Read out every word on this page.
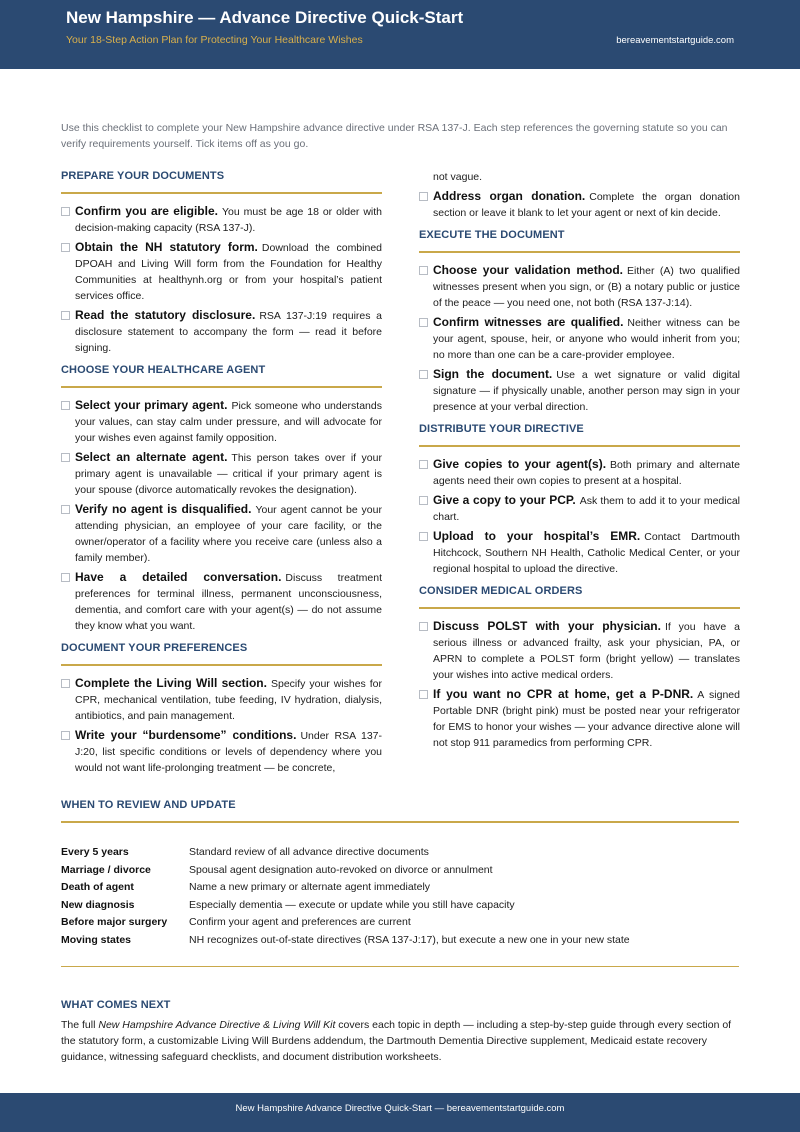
New Hampshire — Advance Directive Quick-Start
Your 18-Step Action Plan for Protecting Your Healthcare Wishes	bereavementstartguide.com
Use this checklist to complete your New Hampshire advance directive under RSA 137-J. Each step references the governing statute so you can verify requirements yourself. Tick items off as you go.
PREPARE YOUR DOCUMENTS
Confirm you are eligible. You must be age 18 or older with decision-making capacity (RSA 137-J).
Obtain the NH statutory form. Download the combined DPOAH and Living Will form from the Foundation for Healthy Communities at healthynh.org or from your hospital’s patient services office.
Read the statutory disclosure. RSA 137-J:19 requires a disclosure statement to accompany the form — read it before signing.
CHOOSE YOUR HEALTHCARE AGENT
Select your primary agent. Pick someone who understands your values, can stay calm under pressure, and will advocate for your wishes even against family opposition.
Select an alternate agent. This person takes over if your primary agent is unavailable — critical if your primary agent is your spouse (divorce automatically revokes the designation).
Verify no agent is disqualified. Your agent cannot be your attending physician, an employee of your care facility, or the owner/operator of a facility where you receive care (unless also a family member).
Have a detailed conversation. Discuss treatment preferences for terminal illness, permanent unconsciousness, dementia, and comfort care with your agent(s) — do not assume they know what you want.
DOCUMENT YOUR PREFERENCES
Complete the Living Will section. Specify your wishes for CPR, mechanical ventilation, tube feeding, IV hydration, dialysis, antibiotics, and pain management.
Write your “burdensome” conditions. Under RSA 137-J:20, list specific conditions or levels of dependency where you would not want life-prolonging treatment — be concrete,
not vague.
Address organ donation. Complete the organ donation section or leave it blank to let your agent or next of kin decide.
EXECUTE THE DOCUMENT
Choose your validation method. Either (A) two qualified witnesses present when you sign, or (B) a notary public or justice of the peace — you need one, not both (RSA 137-J:14).
Confirm witnesses are qualified. Neither witness can be your agent, spouse, heir, or anyone who would inherit from you; no more than one can be a care-provider employee.
Sign the document. Use a wet signature or valid digital signature — if physically unable, another person may sign in your presence at your verbal direction.
DISTRIBUTE YOUR DIRECTIVE
Give copies to your agent(s). Both primary and alternate agents need their own copies to present at a hospital.
Give a copy to your PCP. Ask them to add it to your medical chart.
Upload to your hospital’s EMR. Contact Dartmouth Hitchcock, Southern NH Health, Catholic Medical Center, or your regional hospital to upload the directive.
CONSIDER MEDICAL ORDERS
Discuss POLST with your physician. If you have a serious illness or advanced frailty, ask your physician, PA, or APRN to complete a POLST form (bright yellow) — translates your wishes into active medical orders.
If you want no CPR at home, get a P-DNR. A signed Portable DNR (bright pink) must be posted near your refrigerator for EMS to honor your wishes — your advance directive alone will not stop 911 paramedics from performing CPR.
WHEN TO REVIEW AND UPDATE
Every 5 years	Standard review of all advance directive documents
Marriage / divorce	Spousal agent designation auto-revoked on divorce or annulment
Death of agent	Name a new primary or alternate agent immediately
New diagnosis	Especially dementia — execute or update while you still have capacity
Before major surgery	Confirm your agent and preferences are current
Moving states	NH recognizes out-of-state directives (RSA 137-J:17), but execute a new one in your new state
WHAT COMES NEXT

The full New Hampshire Advance Directive & Living Will Kit covers each topic in depth — including a step-by-step guide through every section of the statutory form, a customizable Living Will Burdens addendum, the Dartmouth Dementia Directive supplement, Medicaid estate recovery guidance, witnessing safeguard checklists, and document distribution worksheets.

New Hampshire Advance Directive Quick-Start — bereavementstartguide.com
